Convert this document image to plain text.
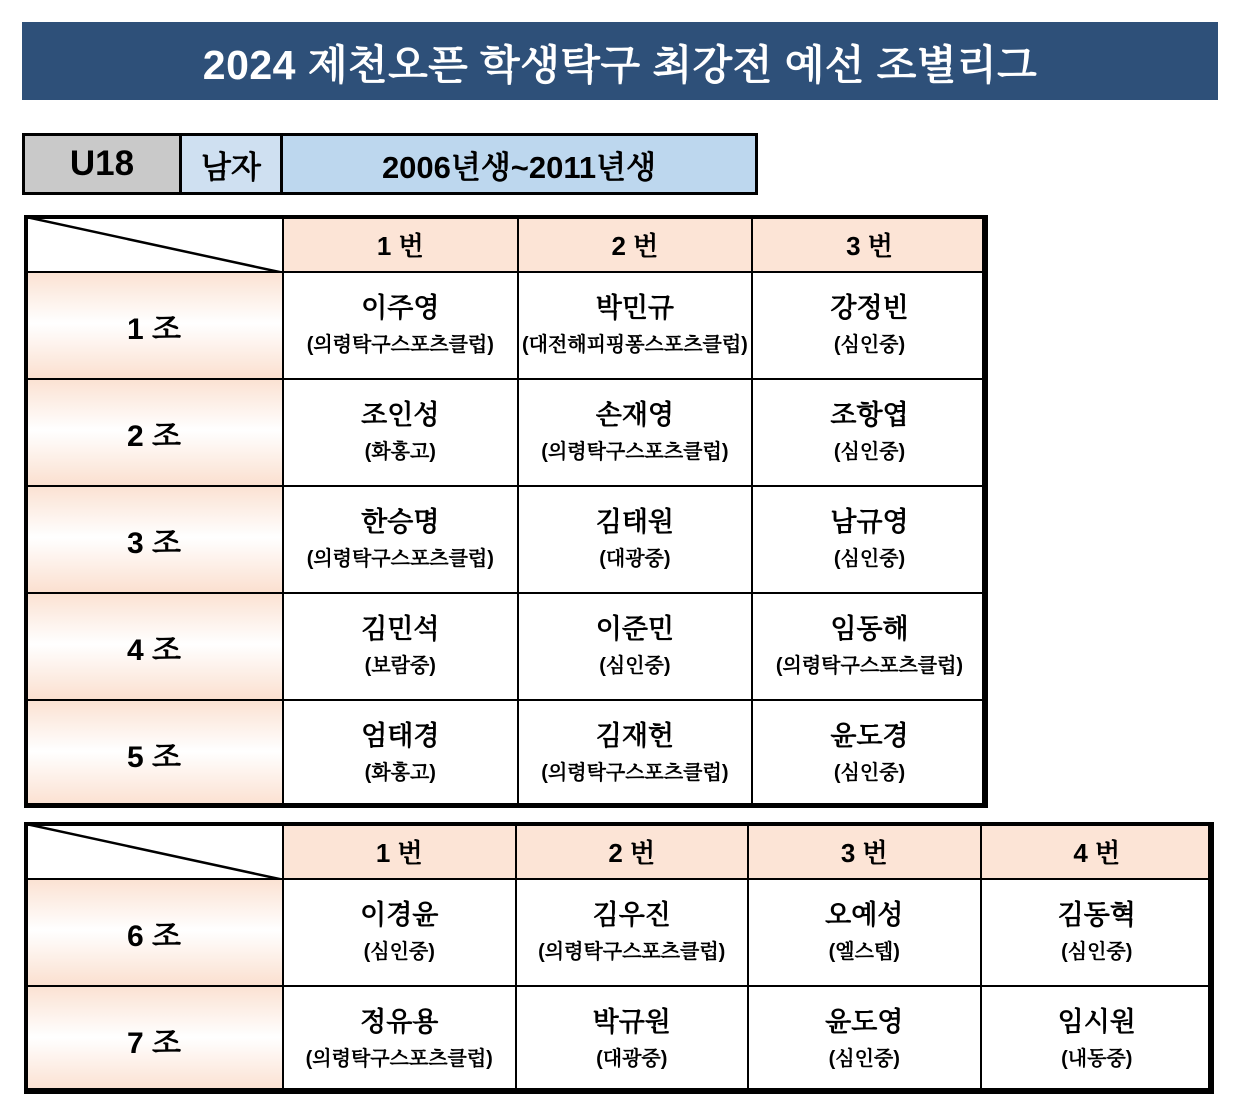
2024 제천오픈 학생탁구 최강전 예선 조별리그
U18	남자	2006년생~2011년생
	1 번	2 번	3 번
1 조	
이주영
(의령탁구스포츠클럽)

박민규
(대전해피핑퐁스포츠클럽)

강정빈
(심인중)

2 조	
조인성
(화홍고)

손재영
(의령탁구스포츠클럽)

조항엽
(심인중)

3 조	
한승명
(의령탁구스포츠클럽)

김태원
(대광중)

남규영
(심인중)

4 조	
김민석
(보람중)

이준민
(심인중)

임동해
(의령탁구스포츠클럽)

5 조	
엄태경
(화홍고)

김재헌
(의령탁구스포츠클럽)

윤도경
(심인중)
	1 번	2 번	3 번	4 번
6 조	
이경윤
(심인중)

김우진
(의령탁구스포츠클럽)

오예성
(엘스텝)

김동혁
(심인중)

7 조	
정유용
(의령탁구스포츠클럽)

박규원
(대광중)

윤도영
(심인중)

임시원
(내동중)
